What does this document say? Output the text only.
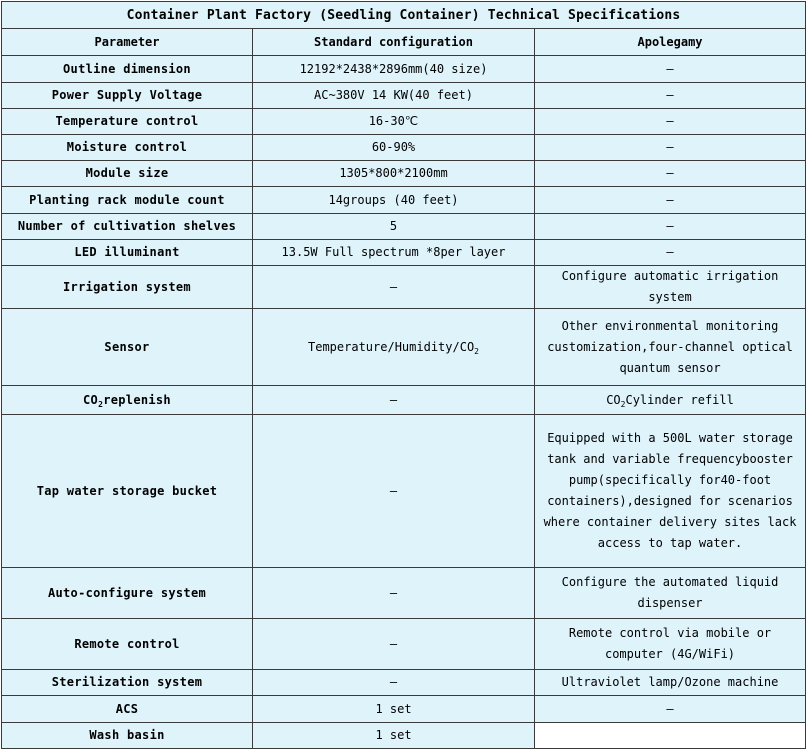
Container Plant Factory (Seedling Container) Technical Specifications		
Parameter	Standard configuration	Apolegamy
Outline dimension	12192*2438*2896mm(40 size)	–
Power Supply Voltage	AC~380V 14 KW(40 feet)	–
Temperature control	16-30℃	–
Moisture control	60-90%	–
Module size	1305*800*2100mm	–
Planting rack module count	14groups (40 feet)	–
Number of cultivation shelves	5	–
LED illuminant	13.5W Full spectrum *8per layer	–
Irrigation system	–	Configure automatic irrigation system
Sensor	Temperature/$Humidity/CO_2$	Other environmental monitoring customization,four-channel optical quantum sensor
$CO_2replenish$	–	$CO_2Cylinder$ refill
Tap water storage bucket	–	Equipped with a 500L water storage tank and variable frequencybooster pump(specifically for40-foot containers),designed for scenarios where container delivery sites lack access to tap water.
Auto-configure system	–	Configure the automated liquid dispenser
Remote control	–	Remote control via mobile or computer (4G/WiFi)
Sterilization system	–	Ultraviolet lamp/Ozone machine
ACS	1 set	–
Wash basin	1 set	
